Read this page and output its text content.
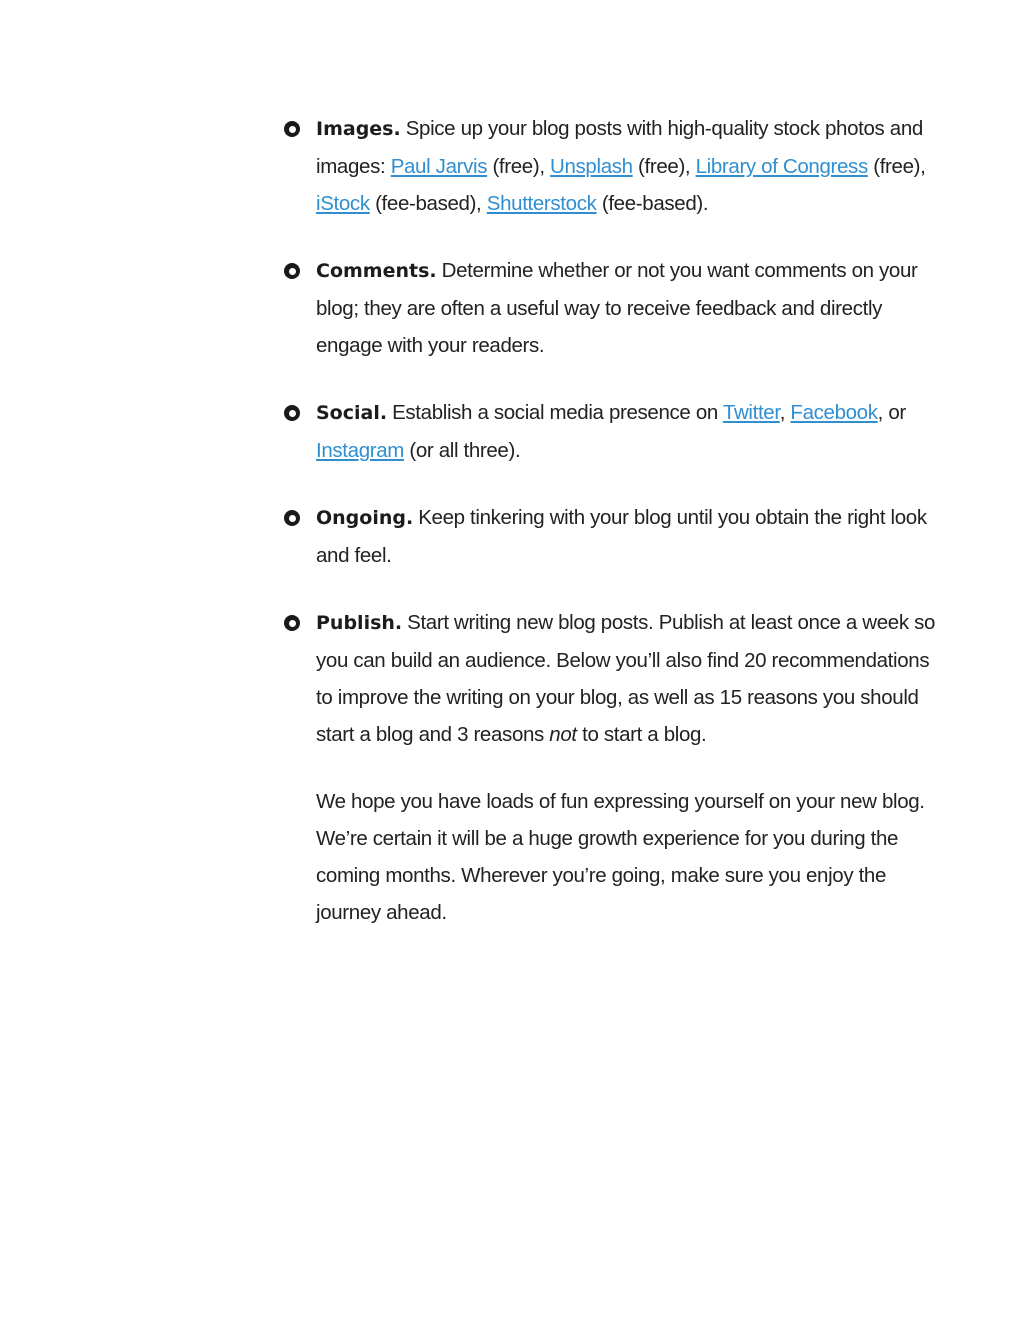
Images. Spice up your blog posts with high-quality stock photos and images: Paul Jarvis (free), Unsplash (free), Library of Congress (free), iStock (fee-based), Shutterstock (fee-based).
Comments. Determine whether or not you want comments on your blog; they are often a useful way to receive feedback and directly engage with your readers.
Social. Establish a social media presence on Twitter, Facebook, or Instagram (or all three).
Ongoing. Keep tinkering with your blog until you obtain the right look and feel.
Publish. Start writing new blog posts. Publish at least once a week so you can build an audience. Below you’ll also find 20 recommendations to improve the writing on your blog, as well as 15 reasons you should start a blog and 3 reasons not to start a blog.

We hope you have loads of fun expressing yourself on your new blog. We’re certain it will be a huge growth experience for you during the coming months. Wherever you’re going, make sure you enjoy the journey ahead.
